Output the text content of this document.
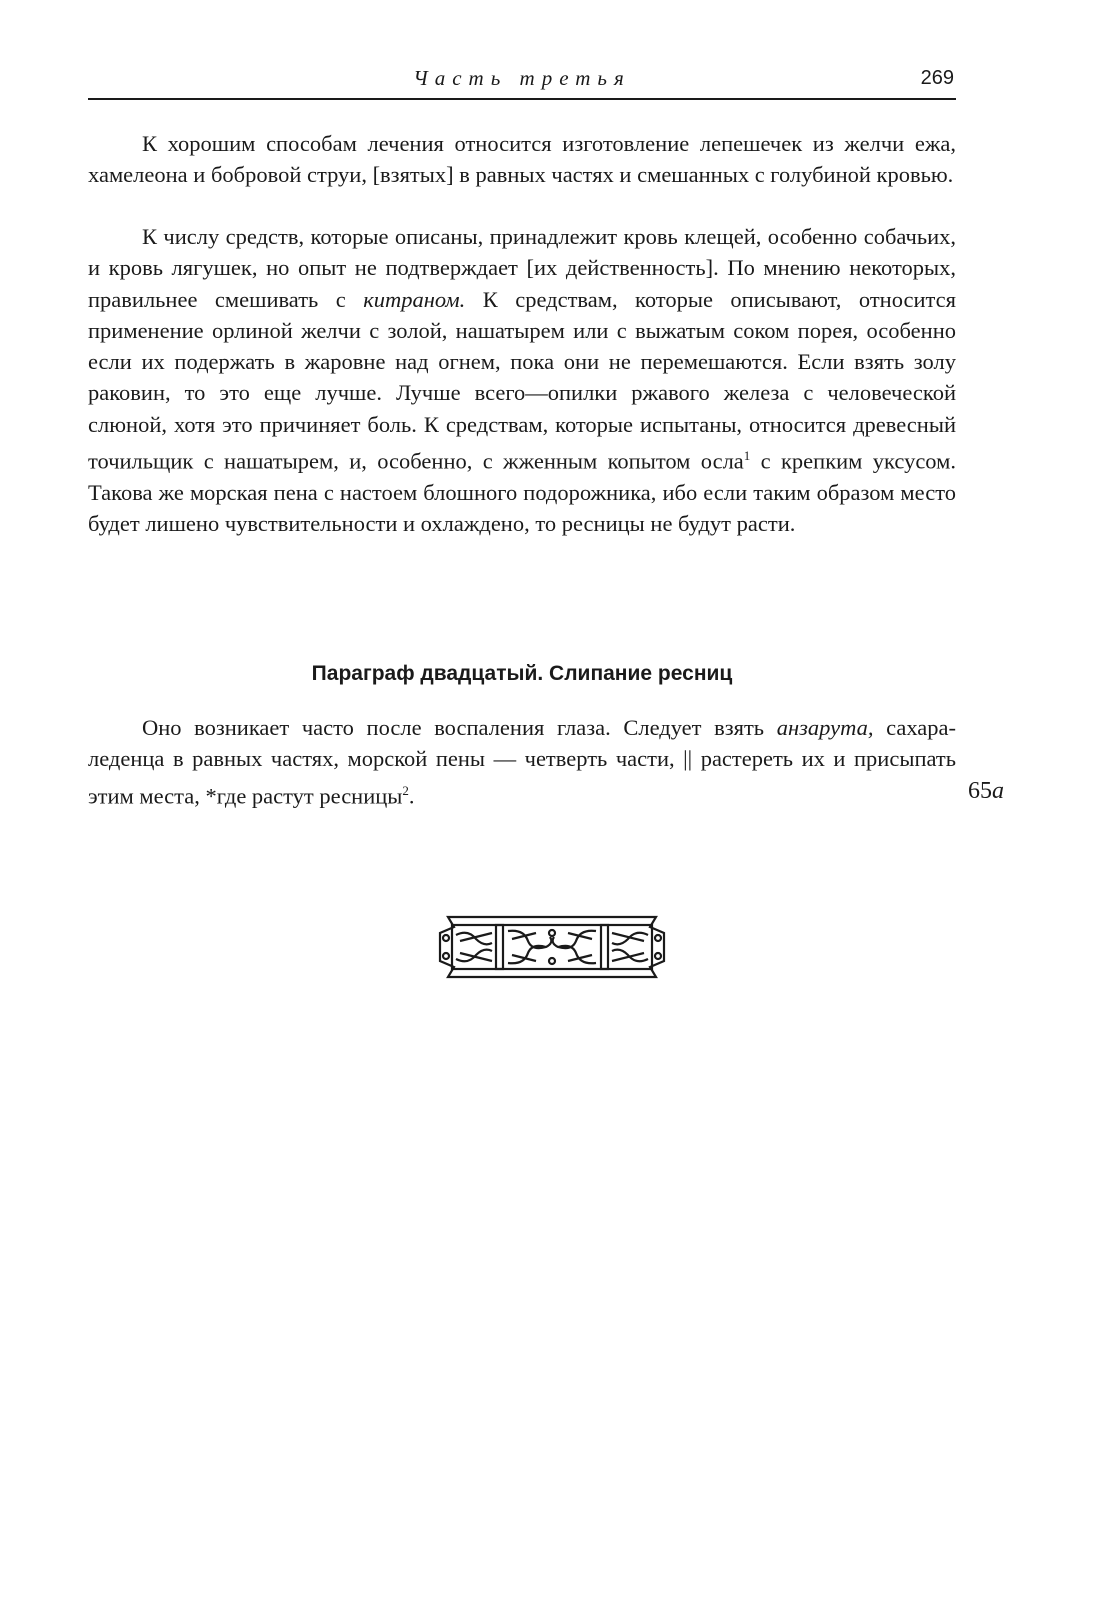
Часть третья	269

К хорошим способам лечения относится изготовление лепешечек из желчи ежа, хамелеона и бобровой струи, [взятых] в равных частях и смешанных с голубиной кровью.

К числу средств, которые описаны, принадлежит кровь клещей, особенно собачьих, и кровь лягушек, но опыт не подтверждает [их действенность]. По мнению некоторых, правильнее смешивать с китраном. К средствам, которые описывают, относится применение орлиной желчи с золой, нашатырем или с выжатым соком порея, особенно если их подержать в жаровне над огнем, пока они не перемешаются. Если взять золу раковин, то это еще лучше. Лучше всего—опилки ржавого железа с человеческой слюной, хотя это причиняет боль. К средствам, которые испытаны, относится древесный точильщик с нашатырем, и, особенно, с жженным копытом осла$^1$ с крепким уксусом. Такова же морская пена с настоем блошного подорожника, ибо если таким образом место будет лишено чувствительности и охлаждено, то ресницы не будут расти.

Параграф двадцатый. Слипание ресниц

Оно возникает часто после воспаления глаза. Следует взять анзарута, сахара-леденца в равных частях, морской пены — четверть части, || растереть их и присыпать этим места, *где растут ресницы$^2$.	65a
